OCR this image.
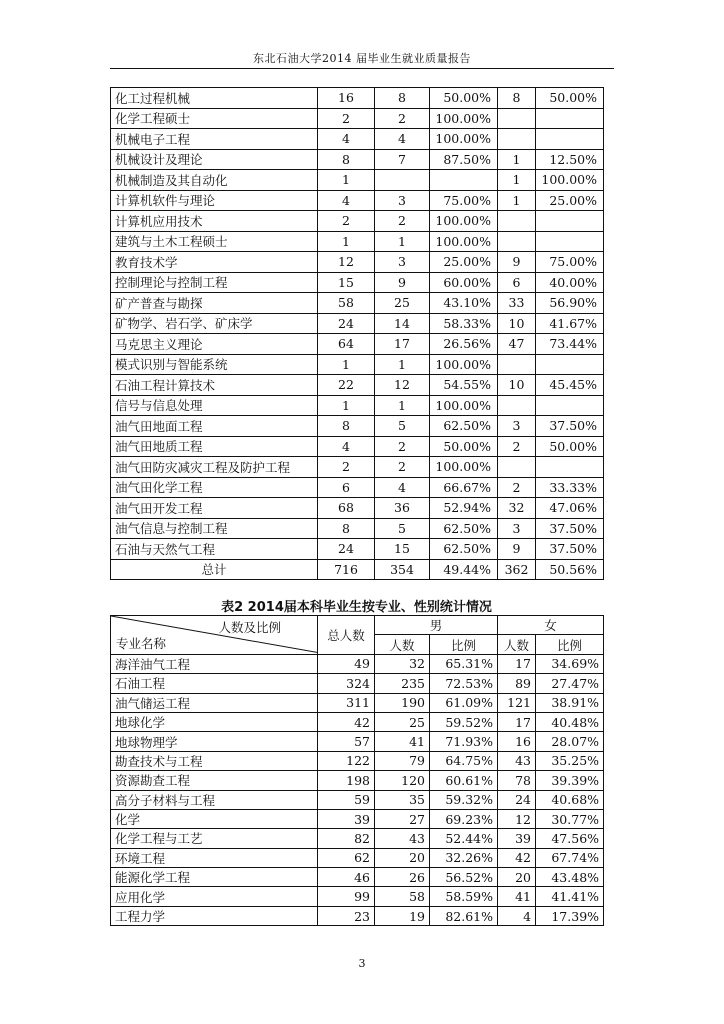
东北石油大学2014 届毕业生就业质量报告
化工过程机械	16	8	50.00%	8	50.00%
化学工程硕士	2	2	100.00%		
机械电子工程	4	4	100.00%		
机械设计及理论	8	7	87.50%	1	12.50%
机械制造及其自动化	1			1	100.00%
计算机软件与理论	4	3	75.00%	1	25.00%
计算机应用技术	2	2	100.00%		
建筑与土木工程硕士	1	1	100.00%		
教育技术学	12	3	25.00%	9	75.00%
控制理论与控制工程	15	9	60.00%	6	40.00%
矿产普查与勘探	58	25	43.10%	33	56.90%
矿物学、岩石学、矿床学	24	14	58.33%	10	41.67%
马克思主义理论	64	17	26.56%	47	73.44%
模式识别与智能系统	1	1	100.00%		
石油工程计算技术	22	12	54.55%	10	45.45%
信号与信息处理	1	1	100.00%		
油气田地面工程	8	5	62.50%	3	37.50%
油气田地质工程	4	2	50.00%	2	50.00%
油气田防灾减灾工程及防护工程	2	2	100.00%		
油气田化学工程	6	4	66.67%	2	33.33%
油气田开发工程	68	36	52.94%	32	47.06%
油气信息与控制工程	8	5	62.50%	3	37.50%
石油与天然气工程	24	15	62.50%	9	37.50%
总计	716	354	49.44%	362	50.56%
表2 2014届本科毕业生按专业、性别统计情况
人数及比例
专业名称	总人数	男		女	
		人数	比例	人数	比例
海洋油气工程	49	32	65.31%	17	34.69%
石油工程	324	235	72.53%	89	27.47%
油气储运工程	311	190	61.09%	121	38.91%
地球化学	42	25	59.52%	17	40.48%
地球物理学	57	41	71.93%	16	28.07%
勘查技术与工程	122	79	64.75%	43	35.25%
资源勘查工程	198	120	60.61%	78	39.39%
高分子材料与工程	59	35	59.32%	24	40.68%
化学	39	27	69.23%	12	30.77%
化学工程与工艺	82	43	52.44%	39	47.56%
环境工程	62	20	32.26%	42	67.74%
能源化学工程	46	26	56.52%	20	43.48%
应用化学	99	58	58.59%	41	41.41%
工程力学	23	19	82.61%	4	17.39%
3
